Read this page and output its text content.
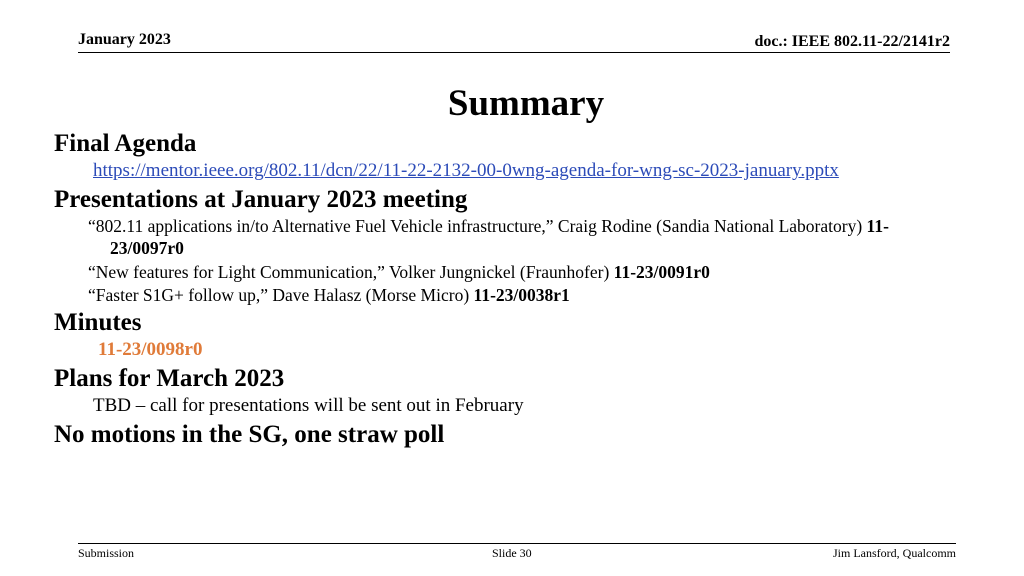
January 2023	doc.: IEEE 802.11-22/2141r2
Summary
Final Agenda
https://mentor.ieee.org/802.11/dcn/22/11-22-2132-00-0wng-agenda-for-wng-sc-2023-january.pptx
Presentations at January 2023 meeting
“802.11 applications in/to Alternative Fuel Vehicle infrastructure,” Craig Rodine (Sandia National Laboratory) 11-
23/0097r0
“New features for Light Communication,” Volker Jungnickel (Fraunhofer) 11-23/0091r0
“Faster S1G+ follow up,” Dave Halasz (Morse Micro) 11-23/0038r1
Minutes
11-23/0098r0
Plans for March 2023
TBD – call for presentations will be sent out in February
No motions in the SG, one straw poll
Submission	Slide 30	Jim Lansford, Qualcomm
